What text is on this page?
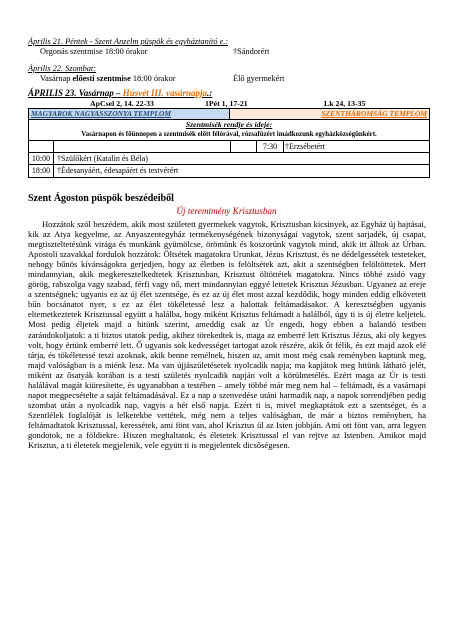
Április 21. Péntek - Szent Anzelm püspök és egyháztanító e.:
Orgonás szentmise 18:00 órakor	†Sándorért
Április 22. Szombat:
Vasárnap előesti szentmise 18:00 órakor	Élő gyermekért
ÁPRILIS 23. Vasárnap – Húsvét III. vasárnapja.:
ApCsel 2, 14. 22-33	1Pét 1, 17-21	Lk 24, 13-35
MAGYAROK NAGYASSZONYA TEMPLOM	SZENTHÁROMSÁG TEMPLOM
Szentmisék rendje és ideje:
Vasárnapon és főünnepen a szentmisék előtt félórával, rózsafüzért imádkozunk egyházközségünkért.
7:30 †Erzsébetért
10:00 †Szülőkért (Katalin és Béla)
18:00 †Édesanyáért, édesapáért és testvérért
Szent Ágoston püspök beszédeiből
Új teremtmény Krisztusban

Hozzátok szól beszédem, akik most született gyermekek vagytok, Krisztusban kicsinyek, az Egyház új hajtásai, kik az Atya kegyelme, az Anyaszentegyház termékenységének bizonyságai vagytok, szent sarjadék, új csapat, megtiszteltetésünk virága és munkánk gyümölcse, örömünk és koszorúnk vagytok mind, akik itt álltok az Úrban. Apostoli szavakkal fordulok hozzátok: Öltsétek magatokra Urunkat, Jézus Krisztust, és ne dédelgessétek testeteket, nehogy bűnös kívánságokra gerjedjen, hogy az életben is felöltsétek azt, akit a szentségben felöltöttetek. Mert mindannyian, akik megkeresztelkedtetek Krisztusban, Krisztust öltöttétek magatokra. Nincs többé zsidó vagy görög, rabszolga vagy szabad, férfi vagy nő, mert mindannyian eggyé lettetek Krisztus Jézusban. Ugyanez az ereje a szentségnek; ugyanis ez az új élet szentsége, és ez az új élet most azzal kezdődik, hogy minden eddig elkövetett bűn bocsánatot nyer, s ez az élet tökéletessé lesz a halottak feltámadásakor. A keresztségben ugyanis eltemetkeztetek Krisztussal együtt a halálba, hogy miként Krisztus feltámadt a halálból, úgy ti is új életre keljetek. Most pedig éljetek majd a hitünk szerint, ameddig csak az Úr engedi, hogy ebben a halandó testben zarándokoljatok: a ti biztos utatok pedig, akihez törekedtek is, maga az emberré lett Krisztus Jézus, aki oly kegyes volt, hogy értünk emberré lett. Ő ugyanis sok kedvességet tartogat azok részére, akik őt félik, és ezt majd azok elé tárja, és tökéletessé teszi azoknak, akik benne remélnek, hiszen az, amit most még csak reményben kaptunk meg, majd valóságban is a miénk lesz. Ma van újjászületésetek nyolcadik napja; ma kapjátok meg hitünk látható jelét, miként az ősatyák korában is a testi születés nyolcadik napján volt a körülmetélés. Ezért maga az Úr is testi halálával magát kiüresítette, és ugyanabban a testében – amely többé már meg nem hal – feltámadt, és a vasárnapi napot megpecsételte a saját feltámadásával. Ez a nap a szenvedése utáni harmadik nap, a napok sorrendjében pedig szombat után a nyolcadik nap, vagyis a hét első napja. Ezért ti is, mivel megkaptátok ezt a szentséget, és a Szentlélek foglalóját is lelketekbe vettétek, még nem a teljes valóságban, de már a biztos reményben, ha feltámadtatok Krisztussal, keressétek, ami fönt van, ahol Krisztus ül az Isten jobbján. Ami ott fönt van, arra legyen gondotok, ne a földiekre. Hiszen meghaltatok, és életetek Krisztussal el van rejtve az Istenben. Amikor majd Krisztus, a ti életetek megjelenik, vele együtt ti is megjelentek dicsőségesen.
